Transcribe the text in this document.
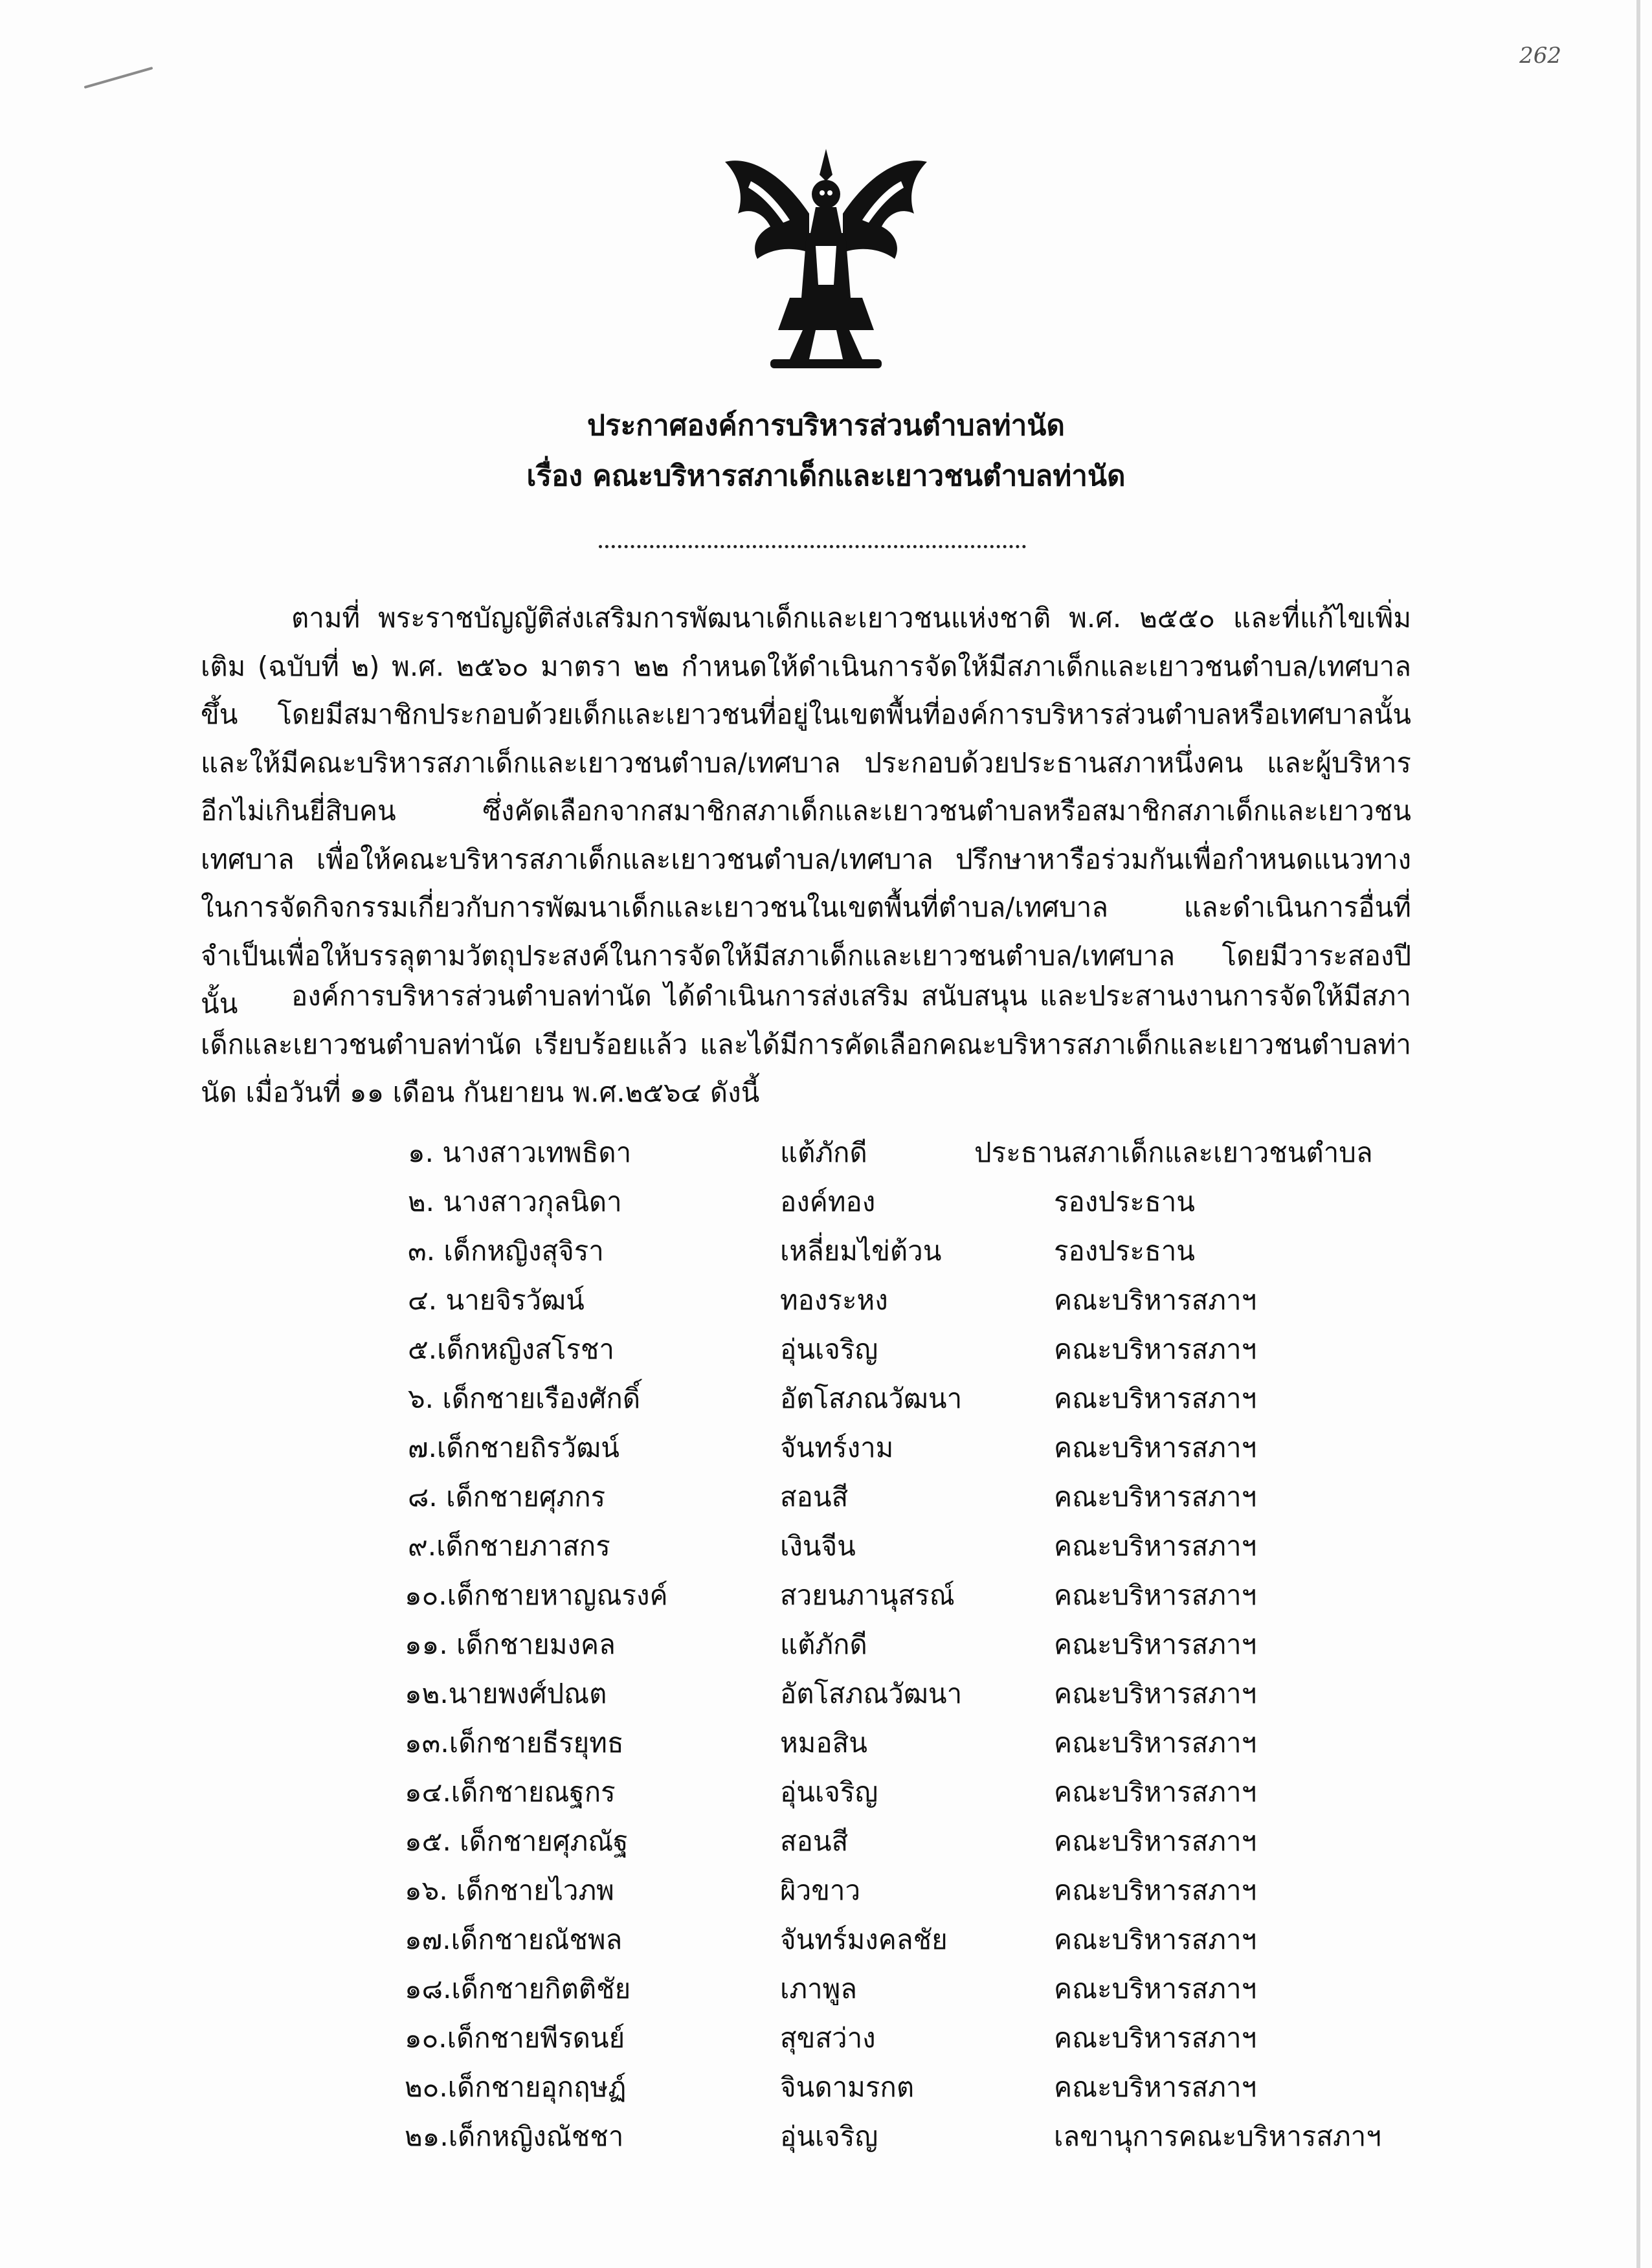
262
ประกาศองค์การบริหารส่วนตำบลท่านัด
เรื่อง คณะบริหารสภาเด็กและเยาวชนตำบลท่านัด

ตามที่ พระราชบัญญัติส่งเสริมการพัฒนาเด็กและเยาวชนแห่งชาติ พ.ศ. ๒๕๕๐ และที่แก้ไขเพิ่มเติม (ฉบับที่ ๒) พ.ศ. ๒๕๖๐ มาตรา ๒๒ กำหนดให้ดำเนินการจัดให้มีสภาเด็กและเยาวชนตำบล/เทศบาลขึ้น โดยมีสมาชิกประกอบด้วยเด็กและเยาวชนที่อยู่ในเขตพื้นที่องค์การบริหารส่วนตำบลหรือเทศบาลนั้น และให้มีคณะบริหารสภาเด็กและเยาวชนตำบล/เทศบาล ประกอบด้วยประธานสภาหนึ่งคน และผู้บริหารอีกไม่เกินยี่สิบคน ซึ่งคัดเลือกจากสมาชิกสภาเด็กและเยาวชนตำบลหรือสมาชิกสภาเด็กและเยาวชนเทศบาล เพื่อให้คณะบริหารสภาเด็กและเยาวชนตำบล/เทศบาล ปรึกษาหารือร่วมกันเพื่อกำหนดแนวทางในการจัดกิจกรรมเกี่ยวกับการพัฒนาเด็กและเยาวชนในเขตพื้นที่ตำบล/เทศบาล และดำเนินการอื่นที่จำเป็นเพื่อให้บรรลุตามวัตถุประสงค์ในการจัดให้มีสภาเด็กและเยาวชนตำบล/เทศบาล โดยมีวาระสองปี นั้น	องค์การบริหารส่วนตำบลท่านัด ได้ดำเนินการส่งเสริม สนับสนุน และประสานงานการจัดให้มีสภาเด็กและเยาวชนตำบลท่านัด เรียบร้อยแล้ว และได้มีการคัดเลือกคณะบริหารสภาเด็กและเยาวชนตำบลท่านัด เมื่อวันที่ ๑๑ เดือน กันยายน พ.ศ.๒๕๖๔ ดังนี้

๑. นางสาวเทพธิดา	แต้ภักดี	ประธานสภาเด็กและเยาวชนตำบล
๒. นางสาวกุลนิดา	องค์ทอง	รองประธาน
๓. เด็กหญิงสุจิรา	เหลี่ยมไข่ต้วน	รองประธาน
๔. นายจิรวัฒน์	ทองระหง	คณะบริหารสภาฯ
๕.เด็กหญิงสโรชา	อุ่นเจริญ	คณะบริหารสภาฯ
๖. เด็กชายเรืองศักดิ์	อัตโสภณวัฒนา	คณะบริหารสภาฯ
๗.เด็กชายถิรวัฒน์	จันทร์งาม	คณะบริหารสภาฯ
๘. เด็กชายศุภกร	สอนสี	คณะบริหารสภาฯ
๙.เด็กชายภาสกร	เงินจีน	คณะบริหารสภาฯ
๑๐.เด็กชายหาญณรงค์	สวยนภานุสรณ์	คณะบริหารสภาฯ
๑๑. เด็กชายมงคล	แต้ภักดี	คณะบริหารสภาฯ
๑๒.นายพงศ์ปณต	อัตโสภณวัฒนา	คณะบริหารสภาฯ
๑๓.เด็กชายธีรยุทธ	หมอสิน	คณะบริหารสภาฯ
๑๔.เด็กชายณฐกร	อุ่นเจริญ	คณะบริหารสภาฯ
๑๕. เด็กชายศุภณัฐ	สอนสี	คณะบริหารสภาฯ
๑๖. เด็กชายไวภพ	ผิวขาว	คณะบริหารสภาฯ
๑๗.เด็กชายณัชพล	จันทร์มงคลชัย	คณะบริหารสภาฯ
๑๘.เด็กชายกิตติชัย	เภาพูล	คณะบริหารสภาฯ
๑๐.เด็กชายพีรดนย์	สุขสว่าง	คณะบริหารสภาฯ
๒๐.เด็กชายอุกฤษฏ์	จินดามรกต	คณะบริหารสภาฯ
๒๑.เด็กหญิงณัชชา	อุ่นเจริญ	เลขานุการคณะบริหารสภาฯ
